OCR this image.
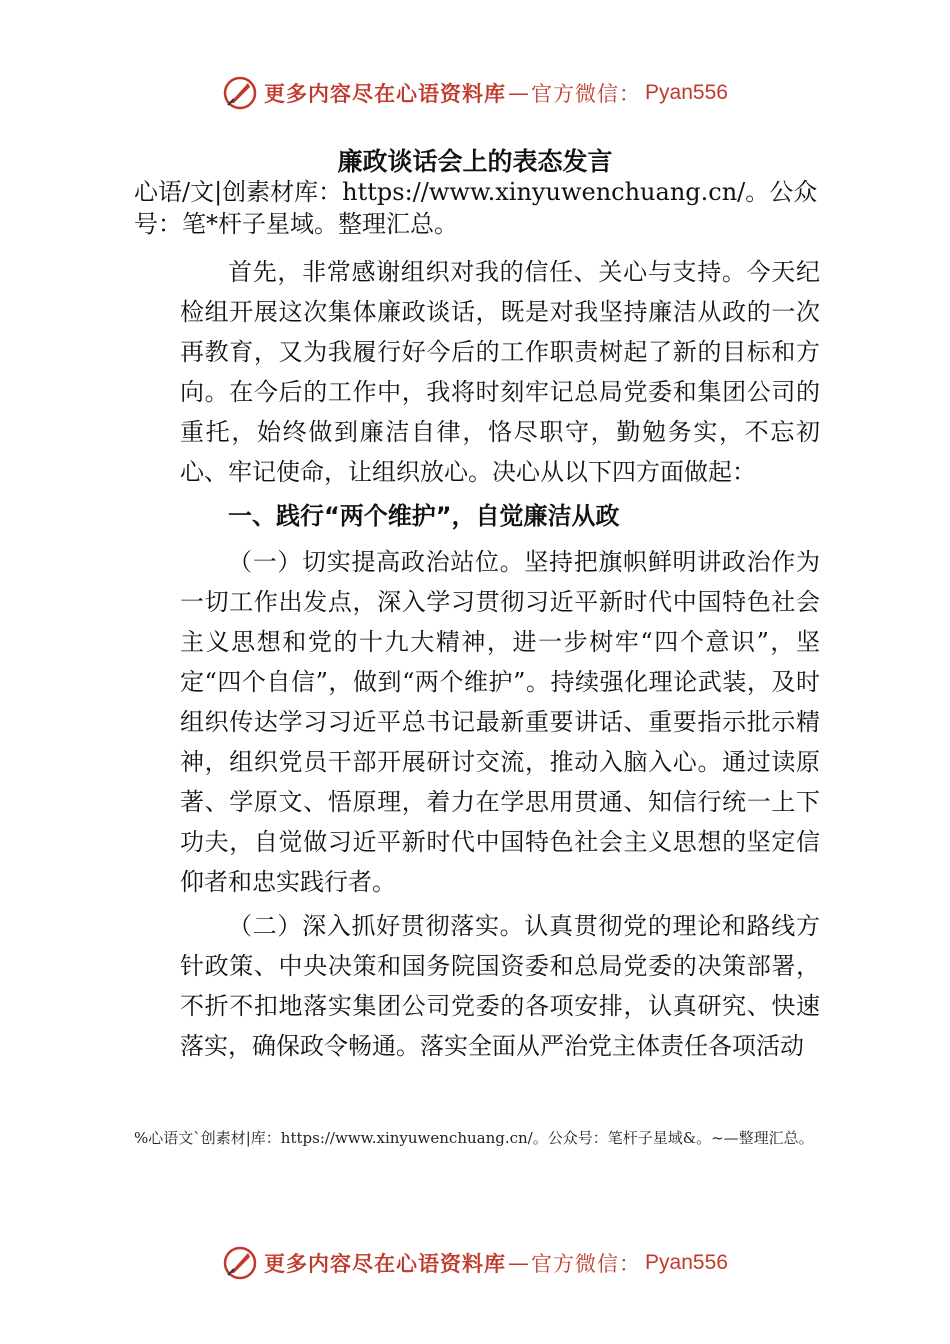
更多内容尽在心语资料库 — 官方微信： Pyan556
廉政谈话会上的表态发言
心语/文|创素材库：https://www.xinyuwenchuang.cn/。公众号：笔*杆子星域。整理汇总。

首先，非常感谢组织对我的信任、关心与支持。今天纪检组开展这次集体廉政谈话，既是对我坚持廉洁从政的一次再教育，又为我履行好今后的工作职责树起了新的目标和方向。在今后的工作中，我将时刻牢记总局党委和集团公司的重托，始终做到廉洁自律，恪尽职守，勤勉务实，不忘初心、牢记使命，让组织放心。决心从以下四方面做起：

一、践行“两个维护”，自觉廉洁从政

（一）切实提高政治站位。坚持把旗帜鲜明讲政治作为一切工作出发点，深入学习贯彻习近平新时代中国特色社会主义思想和党的十九大精神，进一步树牢“四个意识”，坚定“四个自信”，做到“两个维护”。持续强化理论武装，及时组织传达学习习近平总书记最新重要讲话、重要指示批示精神，组织党员干部开展研讨交流，推动入脑入心。通过读原著、学原文、悟原理，着力在学思用贯通、知信行统一上下功夫，自觉做习近平新时代中国特色社会主义思想的坚定信仰者和忠实践行者。

（二）深入抓好贯彻落实。认真贯彻党的理论和路线方针政策、中央决策和国务院国资委和总局党委的决策部署，不折不扣地落实集团公司党委的各项安排，认真研究、快速落实，确保政令畅通。落实全面从严治党主体责任各项活动

%心语文`创素材|库：https://www.xinyuwenchuang.cn/。公众号：笔杆子星域&。~—整理汇总。
更多内容尽在心语资料库 — 官方微信： Pyan556
